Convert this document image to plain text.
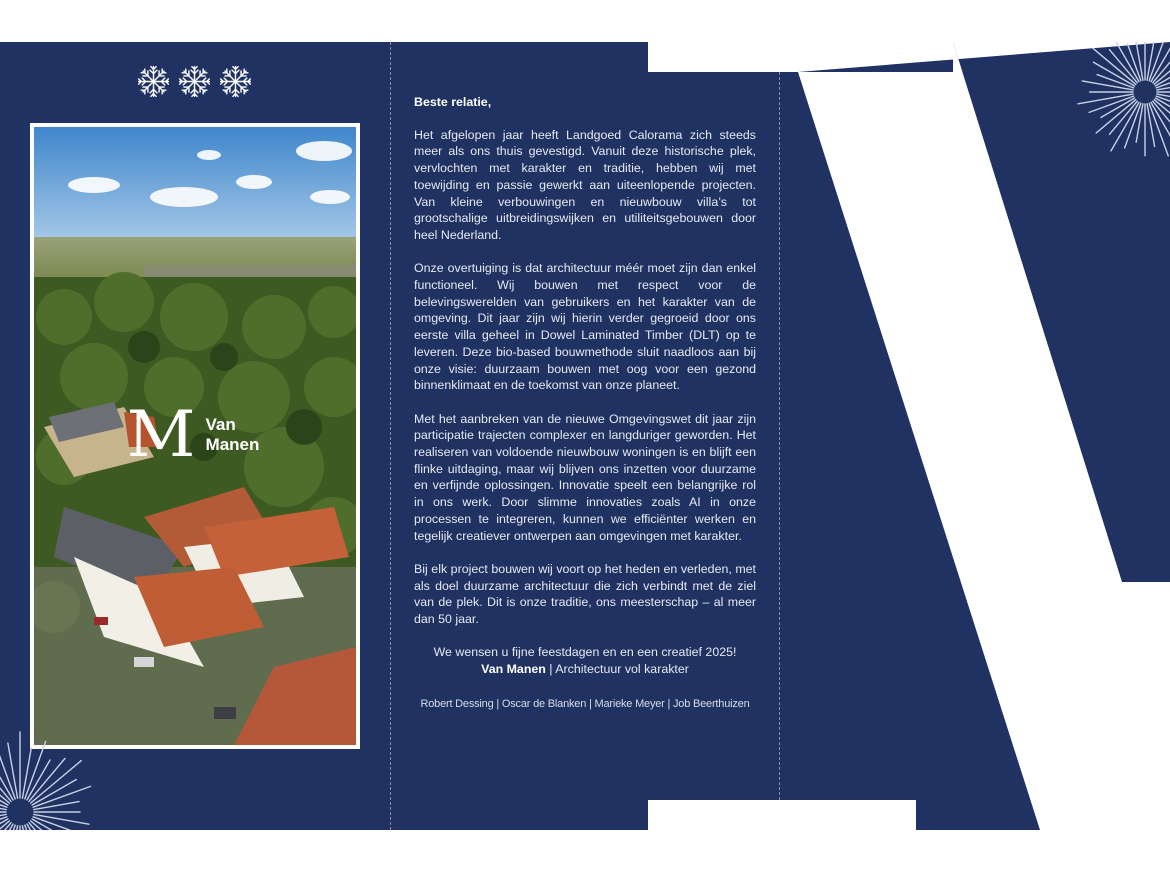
M Van
Manen

Beste relatie,

Het afgelopen jaar heeft Landgoed Calorama zich steeds meer als ons thuis gevestigd. Vanuit deze historische plek, vervlochten met karakter en traditie, hebben wij met toewijding en passie gewerkt aan uiteenlopende projecten. Van kleine verbouwingen en nieuwbouw villa’s tot grootschalige uitbreidingswijken en utiliteitsgebouwen door heel Nederland.

Onze overtuiging is dat architectuur méér moet zijn dan enkel functioneel. Wij bouwen met respect voor de belevingswerelden van gebruikers en het karakter van de omgeving. Dit jaar zijn wij hierin verder gegroeid door ons eerste villa geheel in Dowel Laminated Timber (DLT) op te leveren. Deze bio-based bouwmethode sluit naadloos aan bij onze visie: duurzaam bouwen met oog voor een gezond binnenklimaat en de toekomst van onze planeet.

Met het aanbreken van de nieuwe Omgevingswet dit jaar zijn participatie trajecten complexer en langduriger geworden. Het realiseren van voldoende nieuwbouw woningen is en blijft een flinke uitdaging, maar wij blijven ons inzetten voor duurzame en verfijnde oplossingen. Innovatie speelt een belangrijke rol in ons werk. Door slimme innovaties zoals AI in onze processen te integreren, kunnen we efficiënter werken en tegelijk creatiever ontwerpen aan omgevingen met karakter.

Bij elk project bouwen wij voort op het heden en verleden, met als doel duurzame architectuur die zich verbindt met de ziel van de plek. Dit is onze traditie, ons meesterschap – al meer dan 50 jaar.

We wensen u fijne feestdagen en en een creatief 2025!

Van Manen | Architectuur vol karakter

Robert Dessing | Oscar de Blanken | Marieke Meyer | Job Beerthuizen
